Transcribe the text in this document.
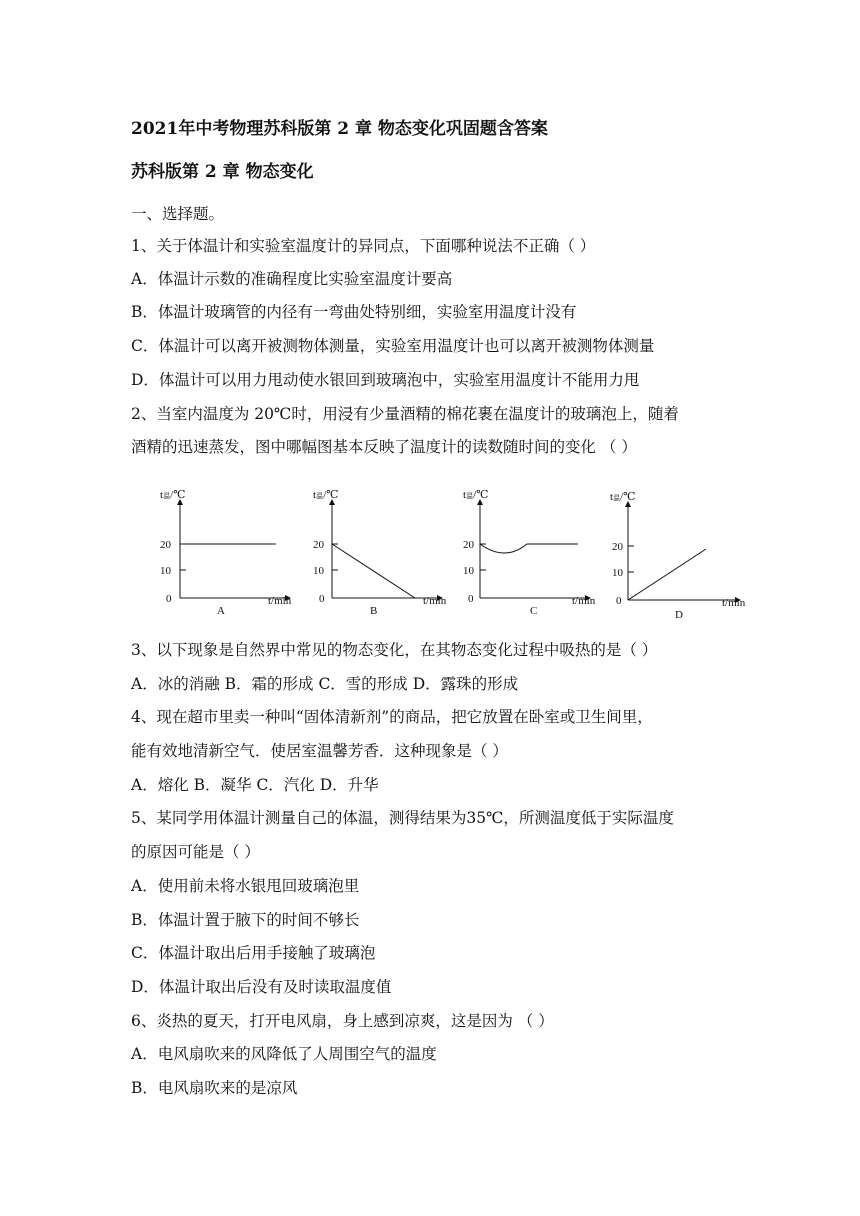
2021年中考物理苏科版第 2 章 物态变化巩固题含答案
苏科版第 2 章 物态变化
一、选择题。
1、关于体温计和实验室温度计的异同点，下面哪种说法不正确（ ）
A．体温计示数的准确程度比实验室温度计要高
B．体温计玻璃管的内径有一弯曲处特别细，实验室用温度计没有
C．体温计可以离开被测物体测量，实验室用温度计也可以离开被测物体测量
D．体温计可以用力甩动使水银回到玻璃泡中，实验室用温度计不能用力甩
2、当室内温度为 20℃时，用浸有少量酒精的棉花裹在温度计的玻璃泡上，随着
酒精的迅速蒸发，图中哪幅图基本反映了温度计的读数随时间的变化 （ ）
t温/℃
20
10
0	t/min
A
t温/℃
20
10
0	t/min
B
t温/℃
20
10
0	t/min
C
t温/℃
20
10
0	t/min
D
3、以下现象是自然界中常见的物态变化，在其物态变化过程中吸热的是（ ）
A．冰的消融 B．霜的形成 C．雪的形成 D．露珠的形成
4、现在超市里卖一种叫“固体清新剂”的商品，把它放置在卧室或卫生间里，
能有效地清新空气．使居室温馨芳香．这种现象是（ ）
A．熔化 B．凝华 C．汽化 D．升华
5、某同学用体温计测量自己的体温，测得结果为35℃，所测温度低于实际温度
的原因可能是（ ）
A．使用前未将水银甩回玻璃泡里
B．体温计置于腋下的时间不够长
C．体温计取出后用手接触了玻璃泡
D．体温计取出后没有及时读取温度值
6、炎热的夏天，打开电风扇，身上感到凉爽，这是因为 （ ）
A．电风扇吹来的风降低了人周围空气的温度
B．电风扇吹来的是凉风
